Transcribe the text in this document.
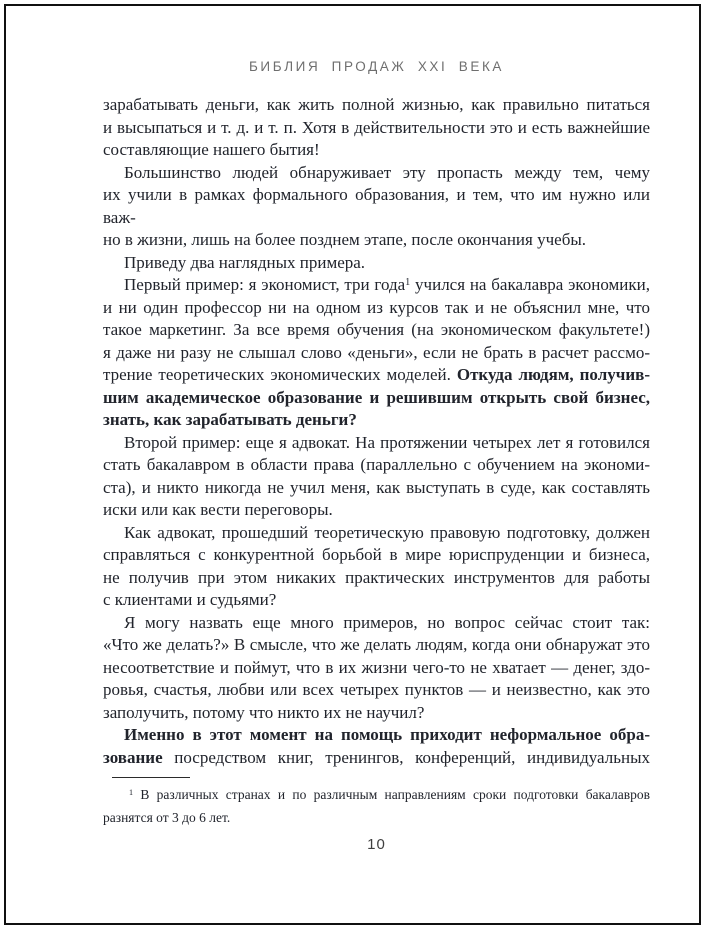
БИБЛИЯ ПРОДАЖ XXI ВЕКА
зарабатывать деньги, как жить полной жизнью, как правильно питаться
и высыпаться и т. д. и т. п. Хотя в действительности это и есть важнейшие
составляющие нашего бытия!
Большинство людей обнаруживает эту пропасть между тем, чему
их учили в рамках формального образования, и тем, что им нужно или важ-
но в жизни, лишь на более позднем этапе, после окончания учебы.
Приведу два наглядных примера.
Первый пример: я экономист, три года$^1$ учился на бакалавра экономики,
и ни один профессор ни на одном из курсов так и не объяснил мне, что
такое маркетинг. За все время обучения (на экономическом факультете!)
я даже ни разу не слышал слово «деньги», если не брать в расчет рассмо-
трение теоретических экономических моделей. Откуда людям, получив-
шим академическое образование и решившим открыть свой бизнес,
знать, как зарабатывать деньги?
Второй пример: еще я адвокат. На протяжении четырех лет я готовился
стать бакалавром в области права (параллельно с обучением на экономи-
ста), и никто никогда не учил меня, как выступать в суде, как составлять
иски или как вести переговоры.
Как адвокат, прошедший теоретическую правовую подготовку, должен
справляться с конкурентной борьбой в мире юриспруденции и бизнеса,
не получив при этом никаких практических инструментов для работы
с клиентами и судьями?
Я могу назвать еще много примеров, но вопрос сейчас стоит так:
«Что же делать?» В смысле, что же делать людям, когда они обнаружат это
несоответствие и поймут, что в их жизни чего-то не хватает — денег, здо-
ровья, счастья, любви или всех четырех пунктов — и неизвестно, как это
заполучить, потому что никто их не научил?
Именно в этот момент на помощь приходит неформальное обра-
зование посредством книг, тренингов, конференций, индивидуальных
$^1$ В различных странах и по различным направлениям сроки подготовки бакалавров
разнятся от 3 до 6 лет.
10
